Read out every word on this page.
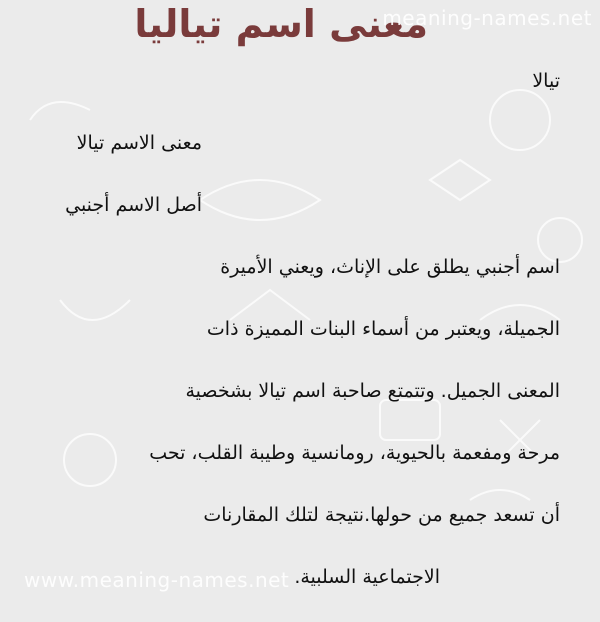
معنى اسم تياليا
meaning-names.net
تيالا
معنى الاسم تيالا
أصل الاسم أجنبي
اسم أجنبي يطلق على الإناث، ويعني الأميرة
الجميلة، ويعتبر من أسماء البنات المميزة ذات
المعنى الجميل. وتتمتع صاحبة اسم تيالا بشخصية
مرحة ومفعمة بالحيوية، رومانسية وطيبة القلب، تحب
أن تسعد جميع من حولها.نتيجة لتلك المقارنات
الاجتماعية السلبية.
www.meaning-names.net
